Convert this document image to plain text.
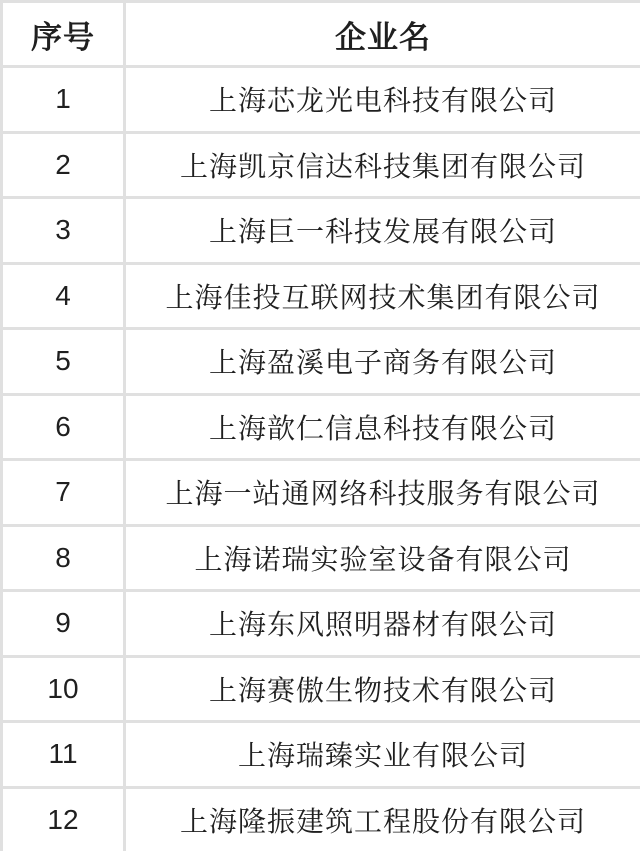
序号	企业名
1	上海芯龙光电科技有限公司
2	上海凯京信达科技集团有限公司
3	上海巨一科技发展有限公司
4	上海佳投互联网技术集团有限公司
5	上海盈溪电子商务有限公司
6	上海歆仁信息科技有限公司
7	上海一站通网络科技服务有限公司
8	上海诺瑞实验室设备有限公司
9	上海东风照明器材有限公司
10	上海赛傲生物技术有限公司
11	上海瑞臻实业有限公司
12	上海隆振建筑工程股份有限公司
